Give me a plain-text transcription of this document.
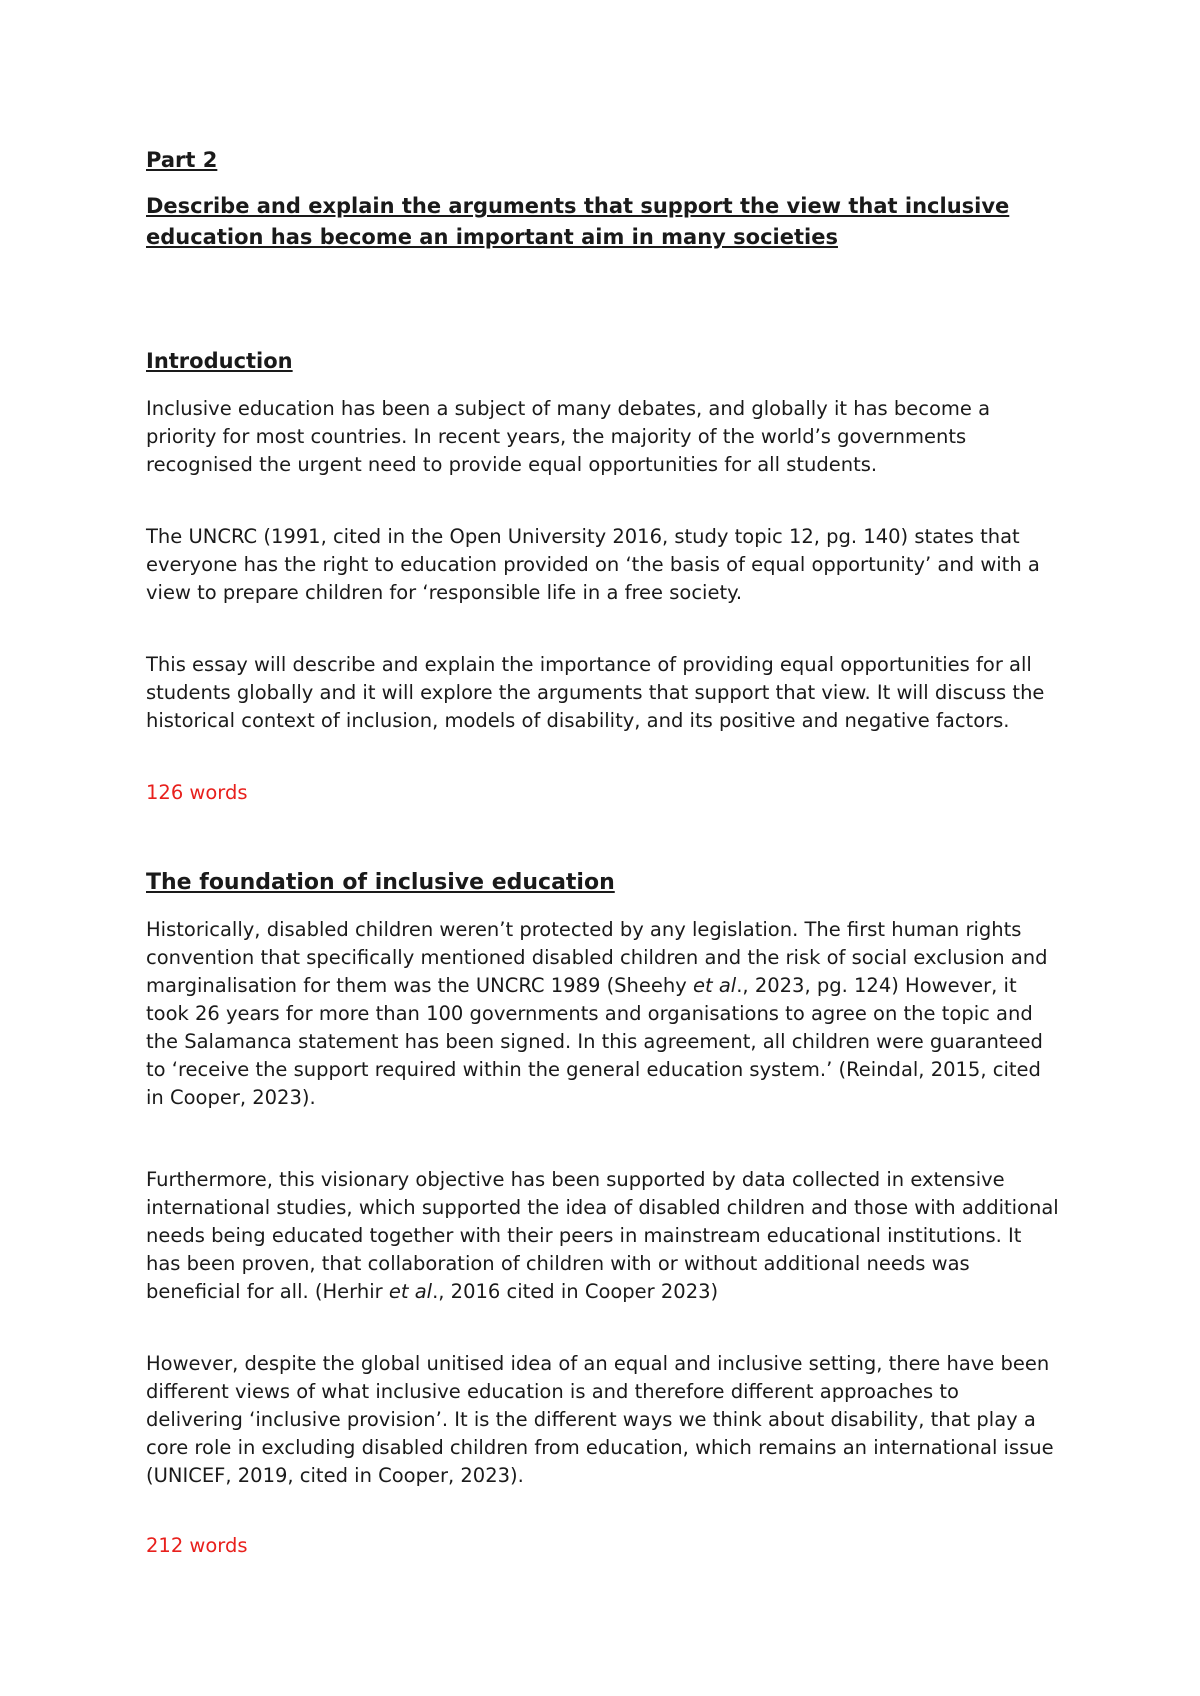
Part 2
Describe and explain the arguments that support the view that inclusive education has become an important aim in many societies
Introduction

Inclusive education has been a subject of many debates, and globally it has become a priority for most countries. In recent years, the majority of the world’s governments recognised the urgent need to provide equal opportunities for all students.

The UNCRC (1991, cited in the Open University 2016, study topic 12, pg. 140) states that everyone has the right to education provided on ‘the basis of equal opportunity’ and with a view to prepare children for ‘responsible life in a free society.

This essay will describe and explain the importance of providing equal opportunities for all students globally and it will explore the arguments that support that view. It will discuss the historical context of inclusion, models of disability, and its positive and negative factors.

126 words

The foundation of inclusive education

Historically, disabled children weren’t protected by any legislation. The first human rights convention that specifically mentioned disabled children and the risk of social exclusion and marginalisation for them was the UNCRC 1989 (Sheehy et al., 2023, pg. 124) However, it took 26 years for more than 100 governments and organisations to agree on the topic and the Salamanca statement has been signed. In this agreement, all children were guaranteed to ‘receive the support required within the general education system.’ (Reindal, 2015, cited in Cooper, 2023).

Furthermore, this visionary objective has been supported by data collected in extensive international studies, which supported the idea of disabled children and those with additional needs being educated together with their peers in mainstream educational institutions. It has been proven, that collaboration of children with or without additional needs was beneficial for all. (Herhir et al., 2016 cited in Cooper 2023)

However, despite the global unitised idea of an equal and inclusive setting, there have been different views of what inclusive education is and therefore different approaches to delivering ‘inclusive provision’. It is the different ways we think about disability, that play a core role in excluding disabled children from education, which remains an international issue (UNICEF, 2019, cited in Cooper, 2023).

212 words
